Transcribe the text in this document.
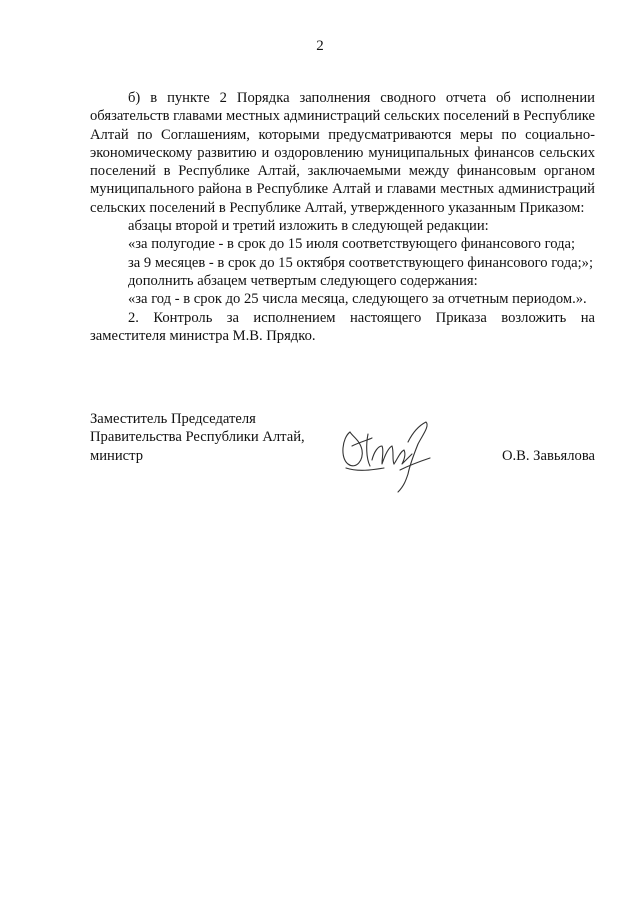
2

б) в пункте 2 Порядка заполнения сводного отчета об исполнении обязательств главами местных администраций сельских поселений в Республике Алтай по Соглашениям, которыми предусматриваются меры по социально-экономическому развитию и оздоровлению муниципальных финансов сельских поселений в Республике Алтай, заключаемыми между финансовым органом муниципального района в Республике Алтай и главами местных администраций сельских поселений в Республике Алтай, утвержденного указанным Приказом:

абзацы второй и третий изложить в следующей редакции:

«за полугодие - в срок до 15 июля соответствующего финансового года;

за 9 месяцев - в срок до 15 октября соответствующего финансового года;»;

дополнить абзацем четвертым следующего содержания:

«за год - в срок до 25 числа месяца, следующего за отчетным периодом.».

2. Контроль за исполнением настоящего Приказа возложить на заместителя министра М.В. Прядко.

Заместитель Председателя
Правительства Республики Алтай,
министр	О.В. Завьялова
